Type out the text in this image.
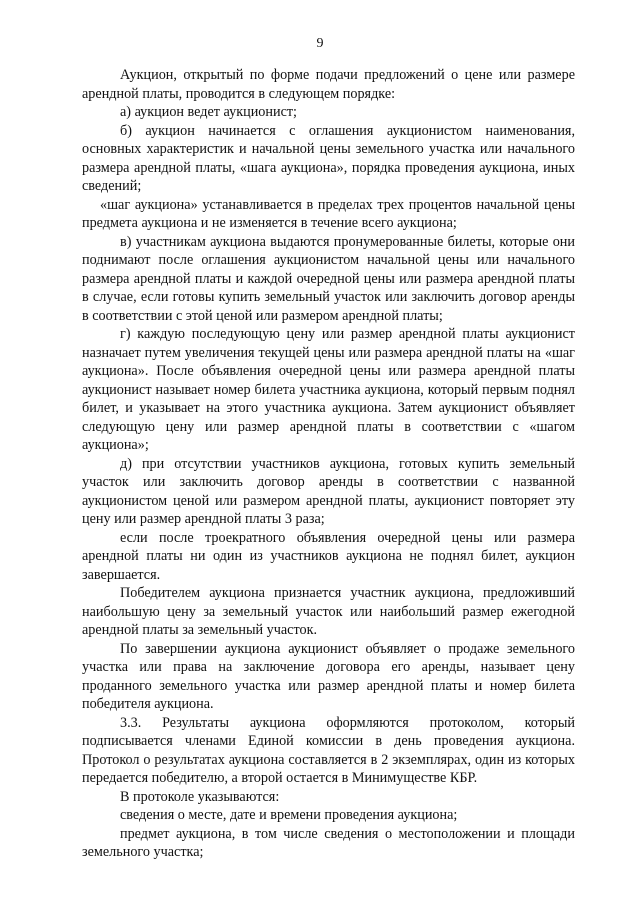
9

Аукцион, открытый по форме подачи предложений о цене или размере арендной платы, проводится в следующем порядке:

а) аукцион ведет аукционист;

б) аукцион начинается с оглашения аукционистом наименования, основных характеристик и начальной цены земельного участка или начального размера арендной платы, «шага аукциона», порядка проведения аукциона, иных сведений;

«шаг аукциона» устанавливается в пределах трех процентов начальной цены предмета аукциона и не изменяется в течение всего аукциона;

в) участникам аукциона выдаются пронумерованные билеты, которые они поднимают после оглашения аукционистом начальной цены или начального размера арендной платы и каждой очередной цены или размера арендной платы в случае, если готовы купить земельный участок или заключить договор аренды в соответствии с этой ценой или размером арендной платы;

г) каждую последующую цену или размер арендной платы аукционист назначает путем увеличения текущей цены или размера арендной платы на «шаг аукциона». После объявления очередной цены или размера арендной платы аукционист называет номер билета участника аукциона, который первым поднял билет, и указывает на этого участника аукциона. Затем аукционист объявляет следующую цену или размер арендной платы в соответствии с «шагом аукциона»;

д) при отсутствии участников аукциона, готовых купить земельный участок или заключить договор аренды в соответствии с названной аукционистом ценой или размером арендной платы, аукционист повторяет эту цену или размер арендной платы 3 раза;

если после троекратного объявления очередной цены или размера арендной платы ни один из участников аукциона не поднял билет, аукцион завершается.

Победителем аукциона признается участник аукциона, предложивший наибольшую цену за земельный участок или наибольший размер ежегодной арендной платы за земельный участок.

По завершении аукциона аукционист объявляет о продаже земельного участка или права на заключение договора его аренды, называет цену проданного земельного участка или размер арендной платы и номер билета победителя аукциона.

3.3. Результаты аукциона оформляются протоколом, который подписывается членами Единой комиссии в день проведения аукциона. Протокол о результатах аукциона составляется в 2 экземплярах, один из которых передается победителю, а второй остается в Минимуществе КБР.

В протоколе указываются:

сведения о месте, дате и времени проведения аукциона;

предмет аукциона, в том числе сведения о местоположении и площади земельного участка;
